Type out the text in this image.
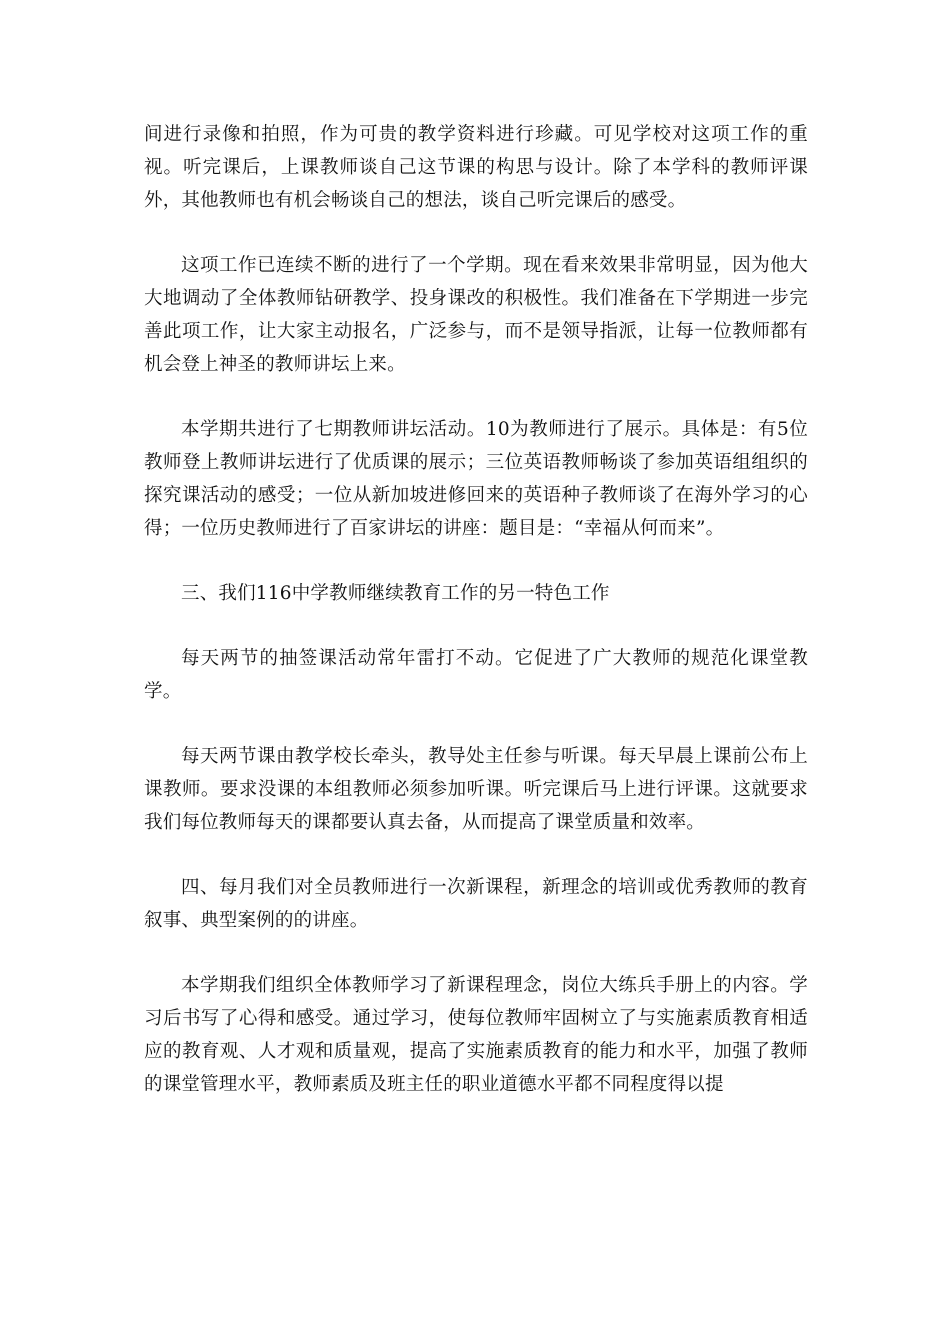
间进行录像和拍照，作为可贵的教学资料进行珍藏。可见学校对这项工作的重视。听完课后，上课教师谈自己这节课的构思与设计。除了本学科的教师评课外，其他教师也有机会畅谈自己的想法，谈自己听完课后的感受。

这项工作已连续不断的进行了一个学期。现在看来效果非常明显，因为他大大地调动了全体教师钻研教学、投身课改的积极性。我们准备在下学期进一步完善此项工作，让大家主动报名，广泛参与，而不是领导指派，让每一位教师都有机会登上神圣的教师讲坛上来。

本学期共进行了七期教师讲坛活动。10为教师进行了展示。具体是：有5位教师登上教师讲坛进行了优质课的展示；三位英语教师畅谈了参加英语组组织的探究课活动的感受；一位从新加坡进修回来的英语种子教师谈了在海外学习的心得；一位历史教师进行了百家讲坛的讲座：题目是：“幸福从何而来”。

三、我们116中学教师继续教育工作的另一特色工作

每天两节的抽签课活动常年雷打不动。它促进了广大教师的规范化课堂教学。

每天两节课由教学校长牵头，教导处主任参与听课。每天早晨上课前公布上课教师。要求没课的本组教师必须参加听课。听完课后马上进行评课。这就要求我们每位教师每天的课都要认真去备，从而提高了课堂质量和效率。

四、每月我们对全员教师进行一次新课程，新理念的培训或优秀教师的教育叙事、典型案例的的讲座。

本学期我们组织全体教师学习了新课程理念，岗位大练兵手册上的内容。学习后书写了心得和感受。通过学习，使每位教师牢固树立了与实施素质教育相适应的教育观、人才观和质量观，提高了实施素质教育的能力和水平，加强了教师的课堂管理水平，教师素质及班主任的职业道德水平都不同程度得以提
